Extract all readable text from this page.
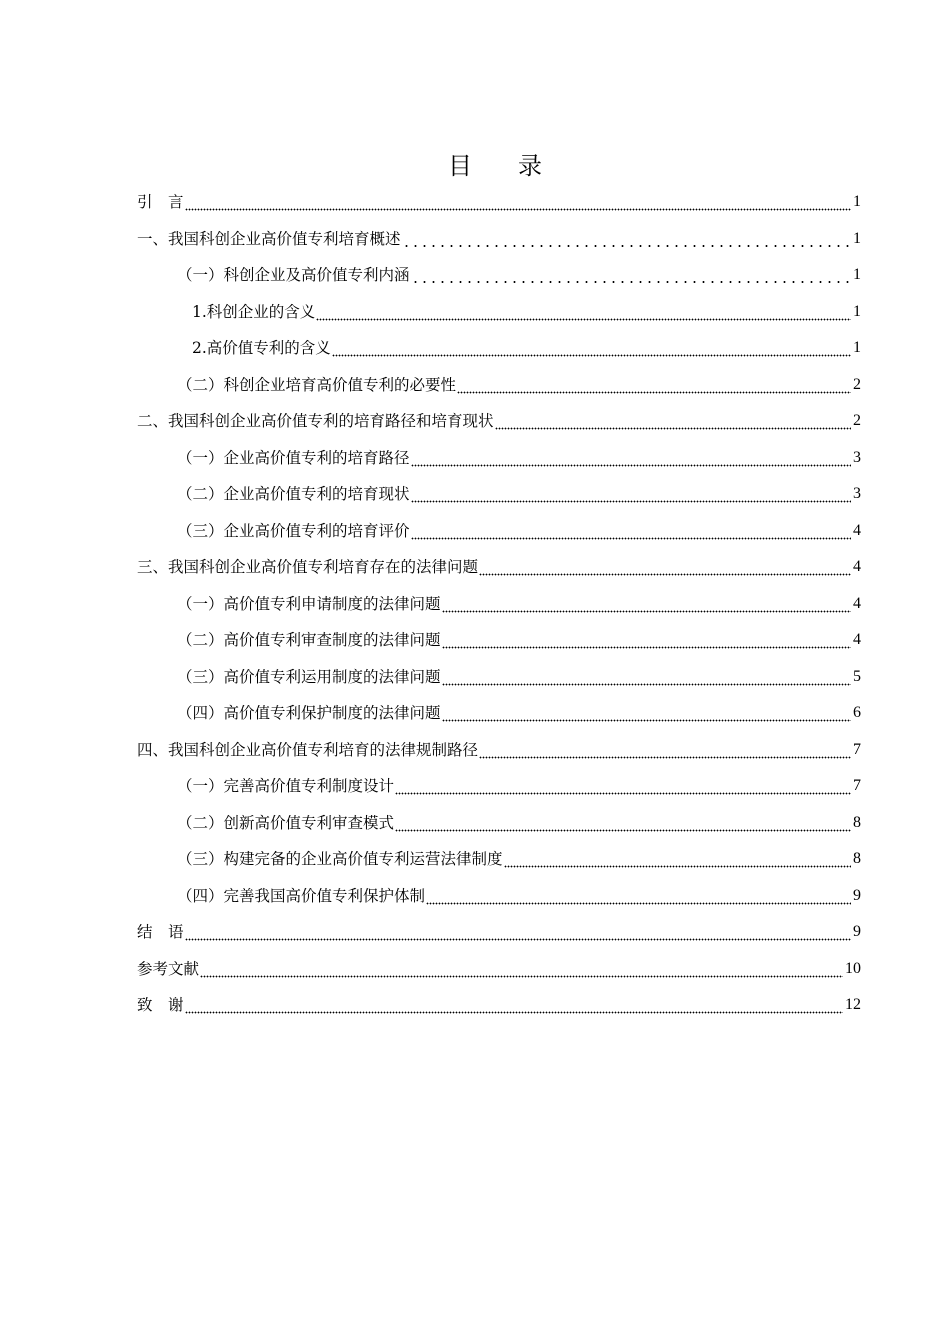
目 录
引　言	1
一、我国科创企业高价值专利培育概述	1
（一）科创企业及高价值专利内涵	1
1.科创企业的含义	1
2.高价值专利的含义	1
（二）科创企业培育高价值专利的必要性	2
二、我国科创企业高价值专利的培育路径和培育现状	2
（一）企业高价值专利的培育路径	3
（二）企业高价值专利的培育现状	3
（三）企业高价值专利的培育评价	4
三、我国科创企业高价值专利培育存在的法律问题	4
（一）高价值专利申请制度的法律问题	4
（二）高价值专利审查制度的法律问题	4
（三）高价值专利运用制度的法律问题	5
（四）高价值专利保护制度的法律问题	6
四、我国科创企业高价值专利培育的法律规制路径	7
（一）完善高价值专利制度设计	7
（二）创新高价值专利审查模式	8
（三）构建完备的企业高价值专利运营法律制度	8
（四）完善我国高价值专利保护体制	9
结　语	9
参考文献	10
致　谢	12
